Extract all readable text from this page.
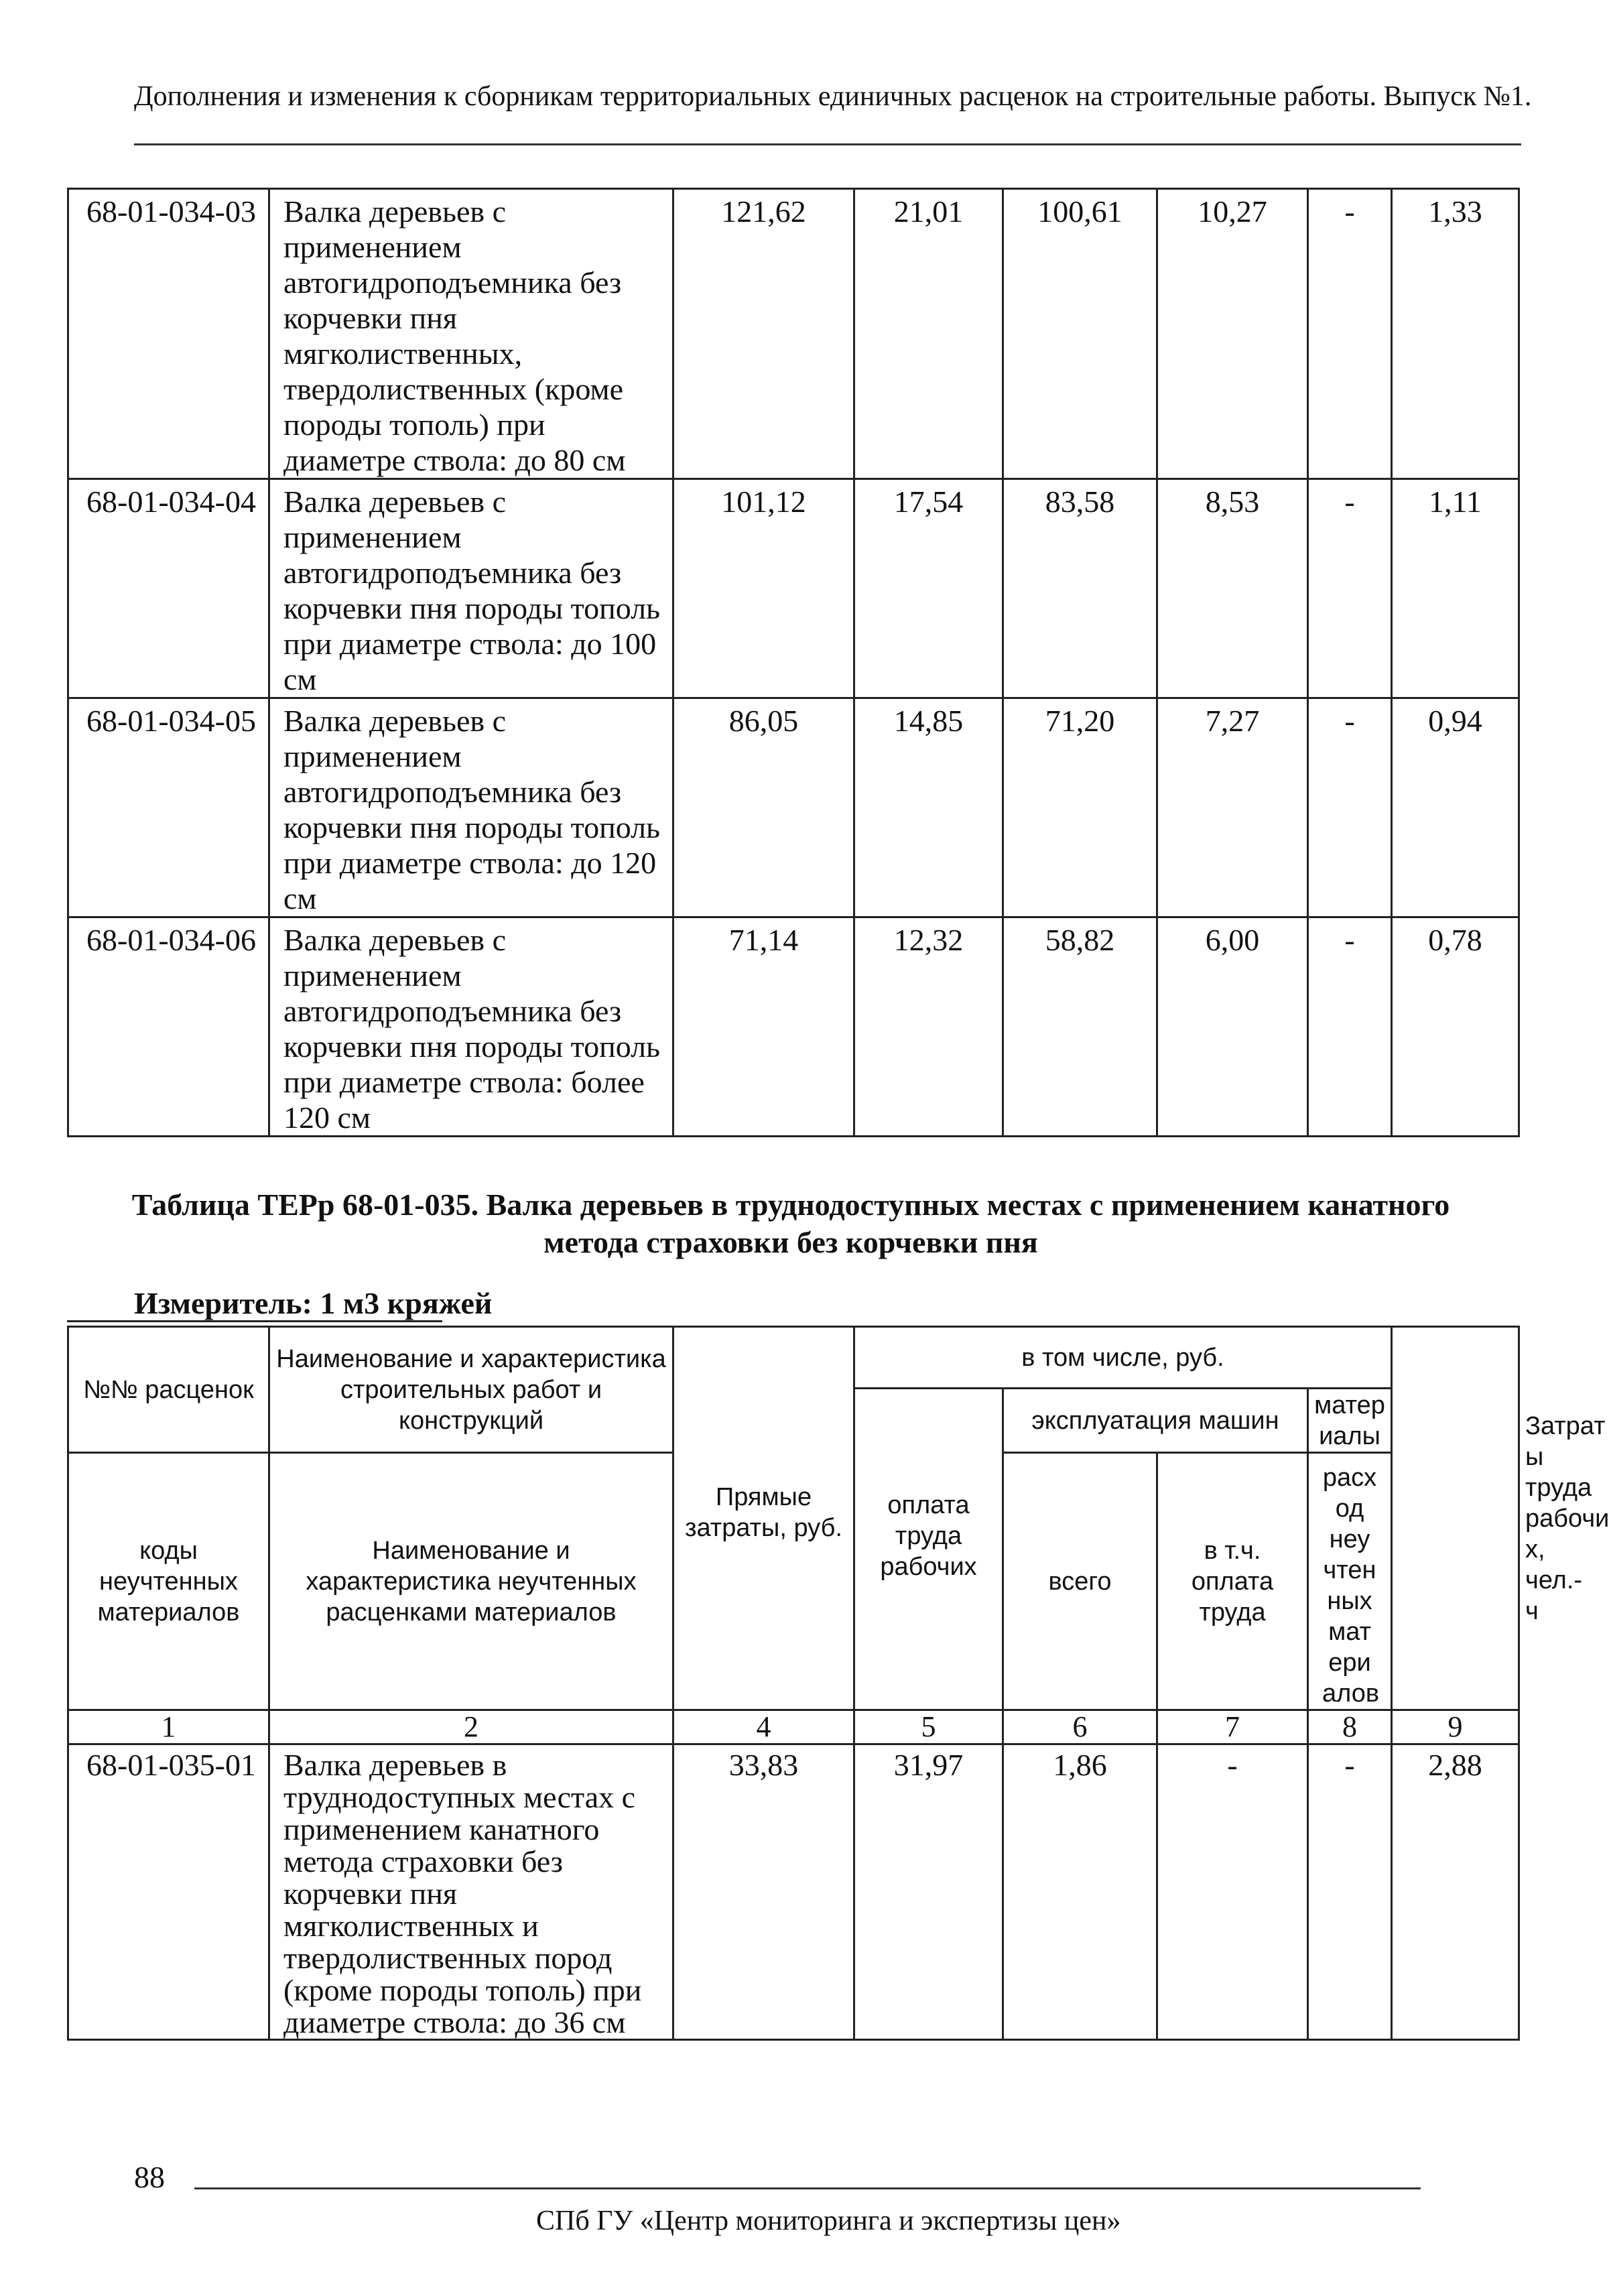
Дополнения и изменения к сборникам территориальных единичных расценок на строительные работы. Выпуск №1.
68-01-034-03	Валка деревьев с применением автогидроподъемника без корчевки пня мягколиственных, твердолиственных (кроме породы тополь) при диаметре ствола: до 80 см	121,62	21,01	100,61	10,27	-	1,33
68-01-034-04	Валка деревьев с применением автогидроподъемника без корчевки пня породы тополь при диаметре ствола: до 100 см	101,12	17,54	83,58	8,53	-	1,11
68-01-034-05	Валка деревьев с применением автогидроподъемника без корчевки пня породы тополь при диаметре ствола: до 120 см	86,05	14,85	71,20	7,27	-	0,94
68-01-034-06	Валка деревьев с применением автогидроподъемника без корчевки пня породы тополь при диаметре ствола: более 120 см	71,14	12,32	58,82	6,00	-	0,78
Таблица ТЕРр 68-01-035. Валка деревьев в труднодоступных местах с применением канатного метода страховки без корчевки пня
Измеритель: 1 м3 кряжей
№№ расценок	Наименование и характеристика строительных работ и конструкций	Прямые затраты, руб.	в том числе, руб.					Затрат ы труда рабочи х, чел.-ч
			оплата труда рабочих	эксплуатация машин		матер иалы		
коды неучтенных материалов	Наименование и характеристика неучтенных расценками материалов			всего	в т.ч. оплата труда	расх од неу чтен ных мат ери алов		
1	2	4	5	6	7	8	9	
68-01-035-01	Валка деревьев в труднодоступных местах с применением канатного метода страховки без корчевки пня мягколиственных и твердолиственных пород (кроме породы тополь) при диаметре ствола: до 36 см	33,83	31,97	1,86	-	-	2,88	
88
СПб ГУ «Центр мониторинга и экспертизы цен»
